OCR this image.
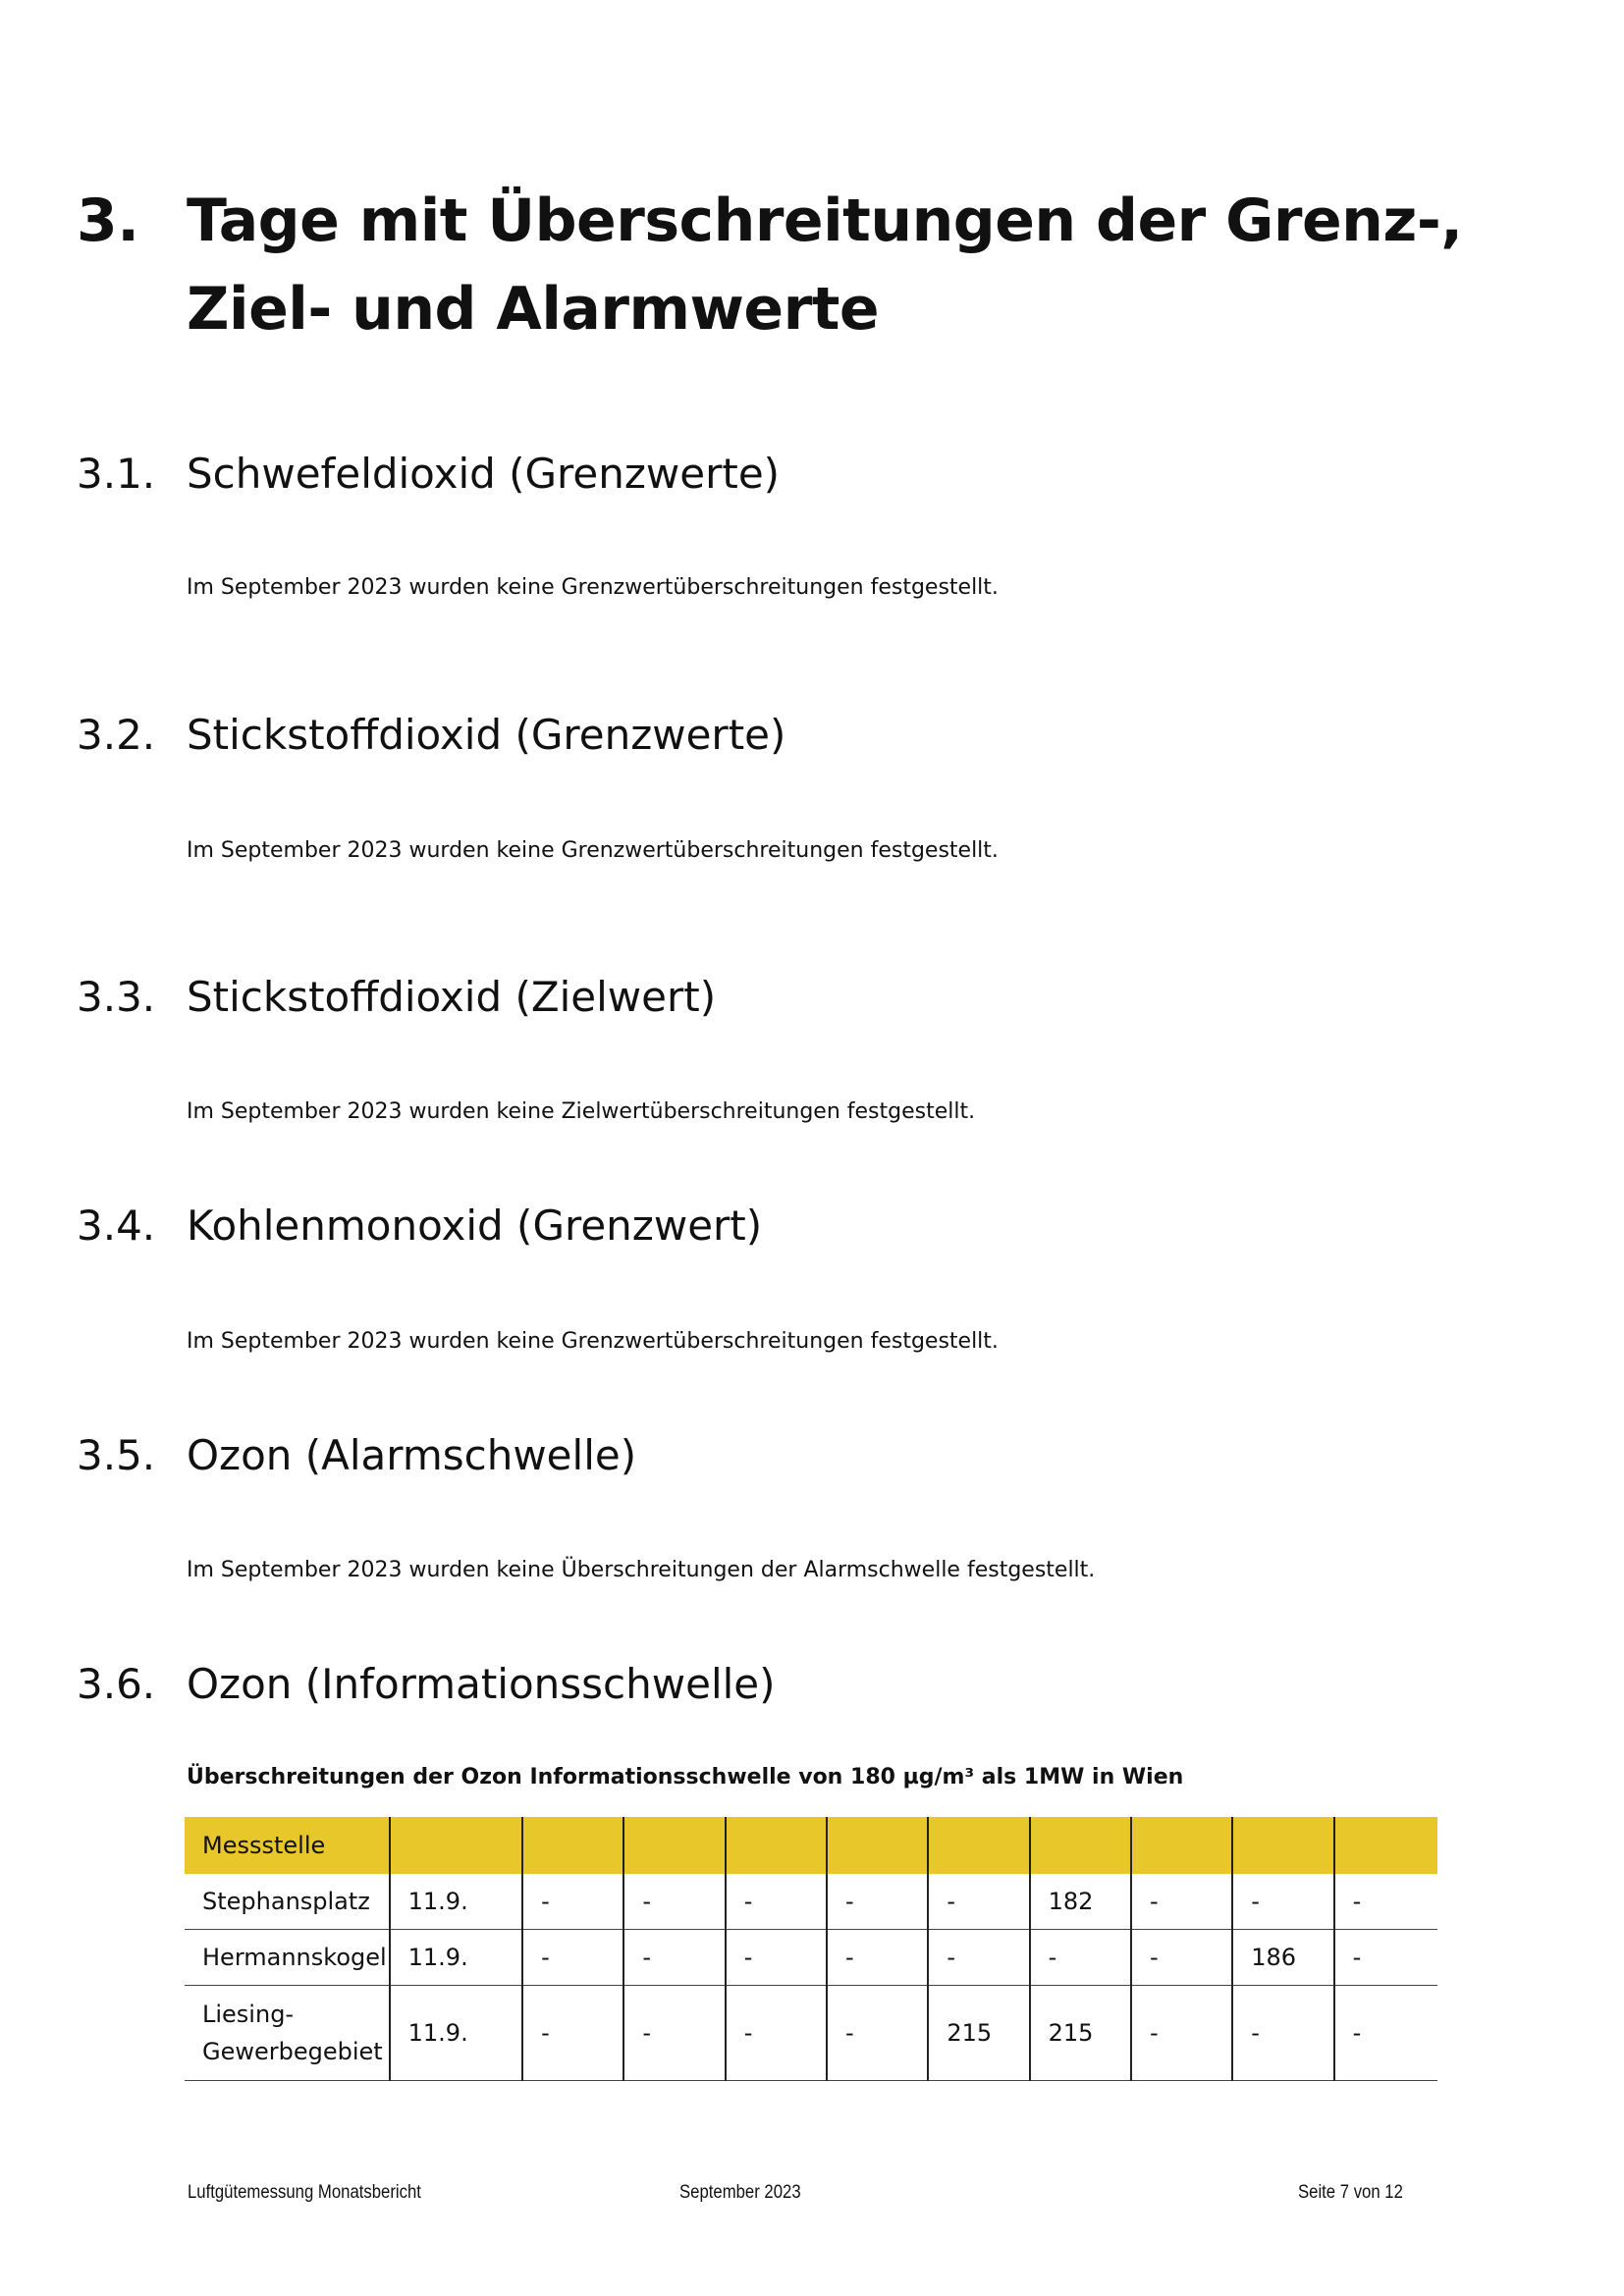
3. Tage mit Überschreitungen der Grenz-,
Ziel- und Alarmwerte
3.1. Schwefeldioxid (Grenzwerte)
Im September 2023 wurden keine Grenzwertüberschreitungen festgestellt.
3.2. Stickstoffdioxid (Grenzwerte)
Im September 2023 wurden keine Grenzwertüberschreitungen festgestellt.
3.3. Stickstoffdioxid (Zielwert)
Im September 2023 wurden keine Zielwertüberschreitungen festgestellt.
3.4. Kohlenmonoxid (Grenzwert)
Im September 2023 wurden keine Grenzwertüberschreitungen festgestellt.
3.5. Ozon (Alarmschwelle)
Im September 2023 wurden keine Überschreitungen der Alarmschwelle festgestellt.
3.6. Ozon (Informationsschwelle)
Überschreitungen der Ozon Informationsschwelle von 180 µg/m³ als 1MW in Wien
Messstelle										
Stephansplatz	11.9.	-	-	-	-	-	182	-	-	-
Hermannskogel	11.9.	-	-	-	-	-	-	-	186	-
Liesing-
Gewerbegebiet	11.9.	-	-	-	-	215	215	-	-	-
Luftgütemessung Monatsbericht	September 2023	Seite 7 von 12
